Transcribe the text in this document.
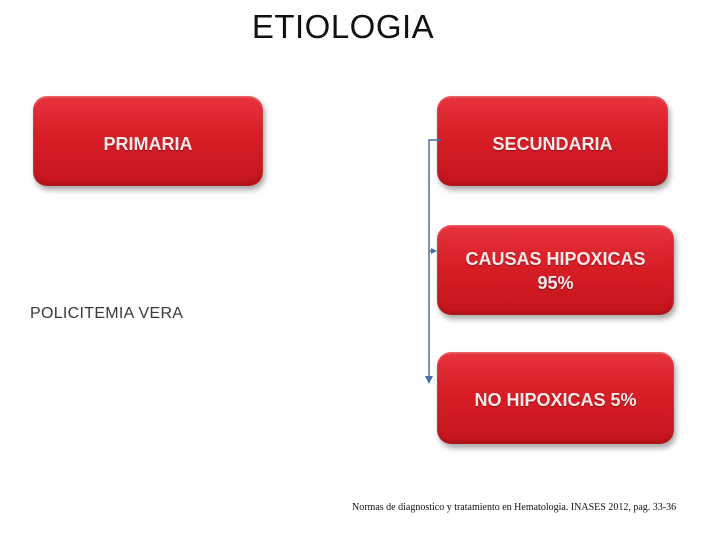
ETIOLOGIA
PRIMARIA	SECUNDARIA
CAUSAS HIPOXICAS
95%
NO HIPOXICAS 5%
POLICITEMIA VERA
Normas de diagnostico y tratamiento en Hematologia. INASES 2012, pag. 33-36
